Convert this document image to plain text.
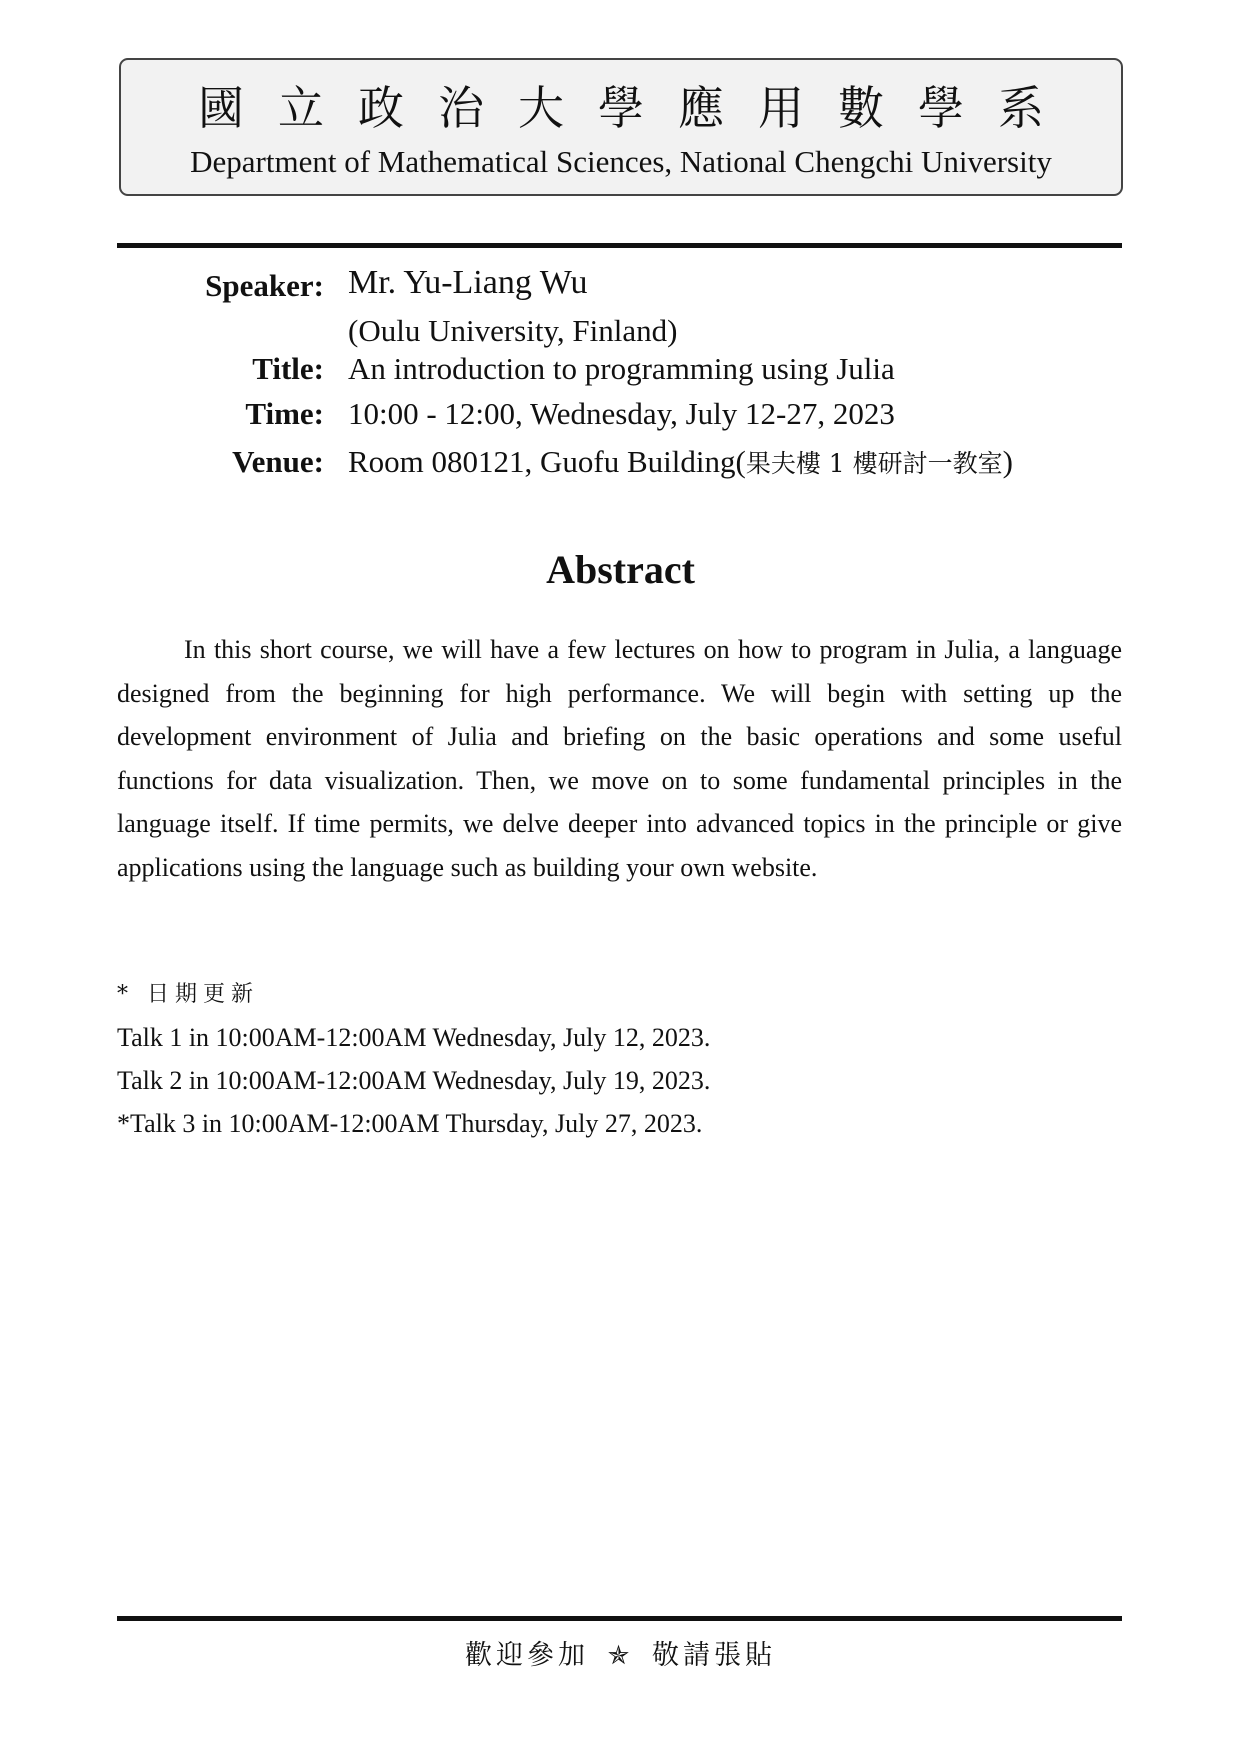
國立政治大學應用數學系
Department of Mathematical Sciences, National Chengchi University
Speaker: Mr. Yu-Liang Wu
(Oulu University, Finland)
Title: An introduction to programming using Julia
Time: 10:00 - 12:00, Wednesday, July 12-27, 2023
Venue: Room 080121, Guofu Building(果夫樓 1 樓研討一教室)
Abstract

In this short course, we will have a few lectures on how to program in Julia, a language designed from the beginning for high performance. We will begin with setting up the development environment of Julia and briefing on the basic operations and some useful functions for data visualization. Then, we move on to some fundamental principles in the language itself. If time permits, we delve deeper into advanced topics in the principle or give applications using the language such as building your own website.

* 日期更新
Talk 1 in 10:00AM-12:00AM Wednesday, July 12, 2023.
Talk 2 in 10:00AM-12:00AM Wednesday, July 19, 2023.
*Talk 3 in 10:00AM-12:00AM Thursday, July 27, 2023.
歡迎參加 ✯ 敬請張貼
